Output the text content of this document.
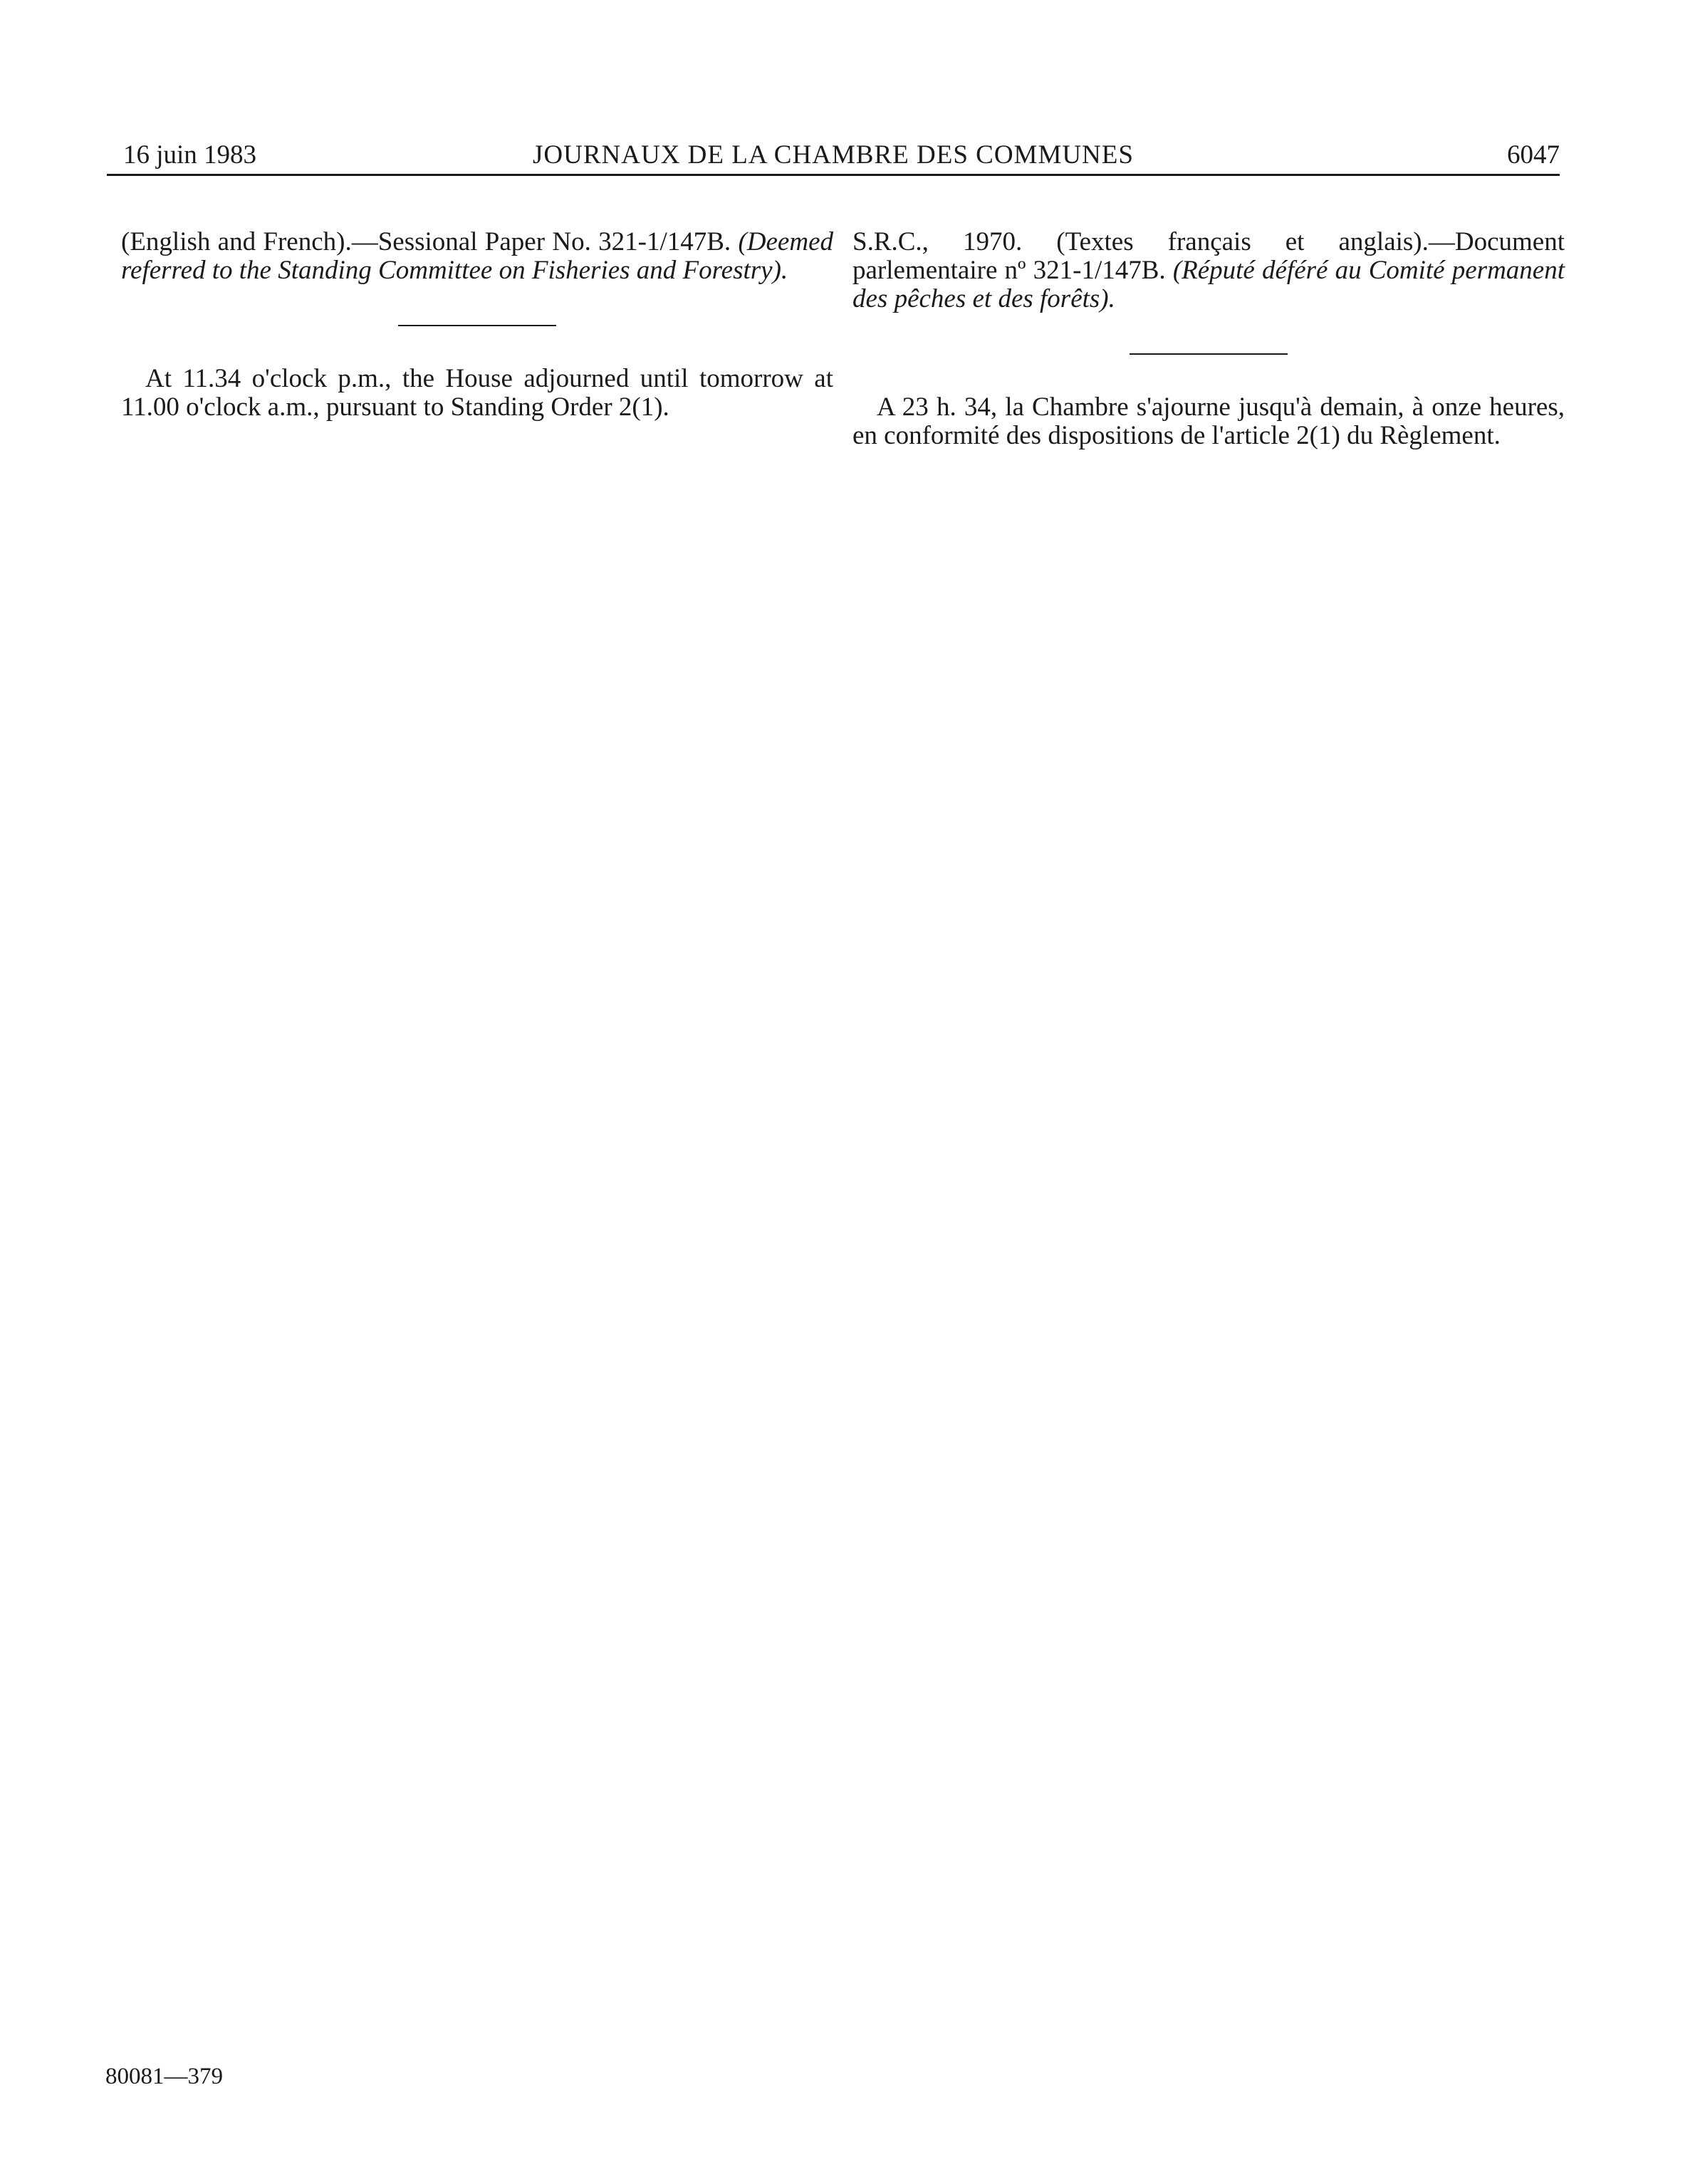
16 juin 1983	JOURNAUX DE LA CHAMBRE DES COMMUNES	6047

(English and French).—Sessional Paper No. 321-1/147B. (Deemed referred to the Standing Committee on Fisheries and Forestry).

At 11.34 o'clock p.m., the House adjourned until tomorrow at 11.00 o'clock a.m., pursuant to Standing Order 2(1).

S.R.C., 1970. (Textes français et anglais).—Document parlementaire nº 321-1/147B. (Réputé déféré au Comité permanent des pêches et des forêts).

A 23 h. 34, la Chambre s'ajourne jusqu'à demain, à onze heures, en conformité des dispositions de l'article 2(1) du Règlement.

80081—379
